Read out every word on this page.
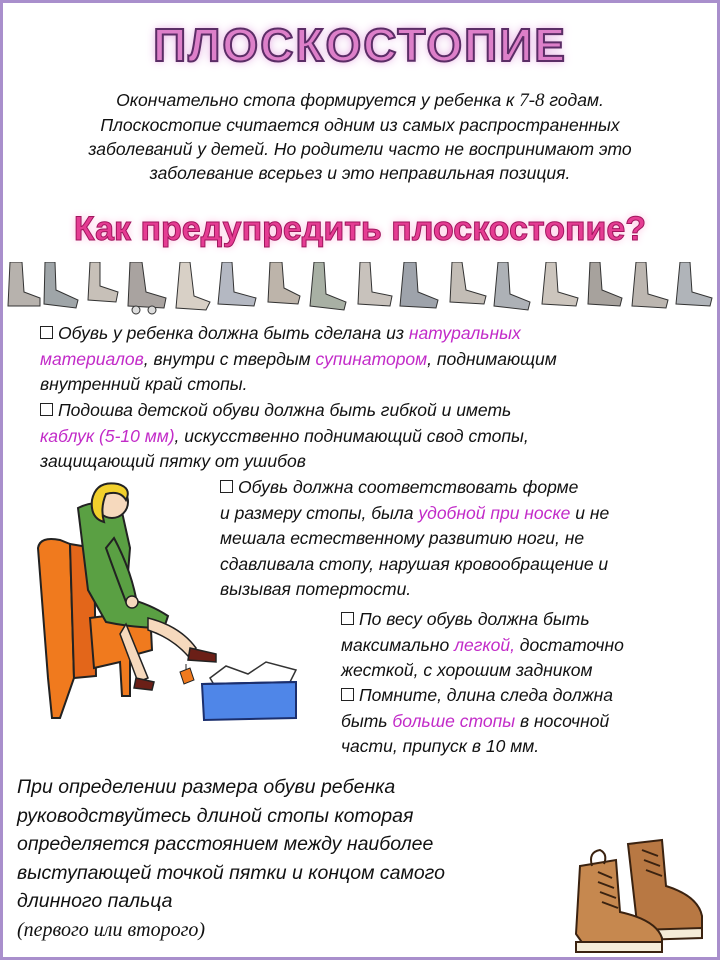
ПЛОСКОСТОПИЕ
Окончательно стопа формируется у ребенка к 7-8 годам.
Плоскостопие считается одним из самых распространенных
заболеваний у детей. Но родители часто не воспринимают это
заболевание всерьез и это неправильная позиция.
Как предупредить плоскостопие?
Обувь у ребенка должна быть сделана из натуральных
материалов, внутри с твердым супинатором, поднимающим
внутренний край стопы.
Подошва детской обуви должна быть гибкой и иметь
каблук (5-10 мм), искусственно поднимающий свод стопы,
защищающий пятку от ушибов
Обувь должна соответствовать форме
и размеру стопы, была удобной при носке и не
мешала естественному развитию ноги, не
сдавливала стопу, нарушая кровообращение и
вызывая потертости.
По весу обувь должна быть
максимально легкой, достаточно
жесткой, с хорошим задником
Помните, длина следа должна
быть больше стопы в носочной
части, припуск в 10 мм.
При определении размера обуви ребенка
руководствуйтесь длиной стопы которая
определяется расстоянием между наиболее
выступающей точкой пятки и концом самого
длинного пальца
(первого или второго)
